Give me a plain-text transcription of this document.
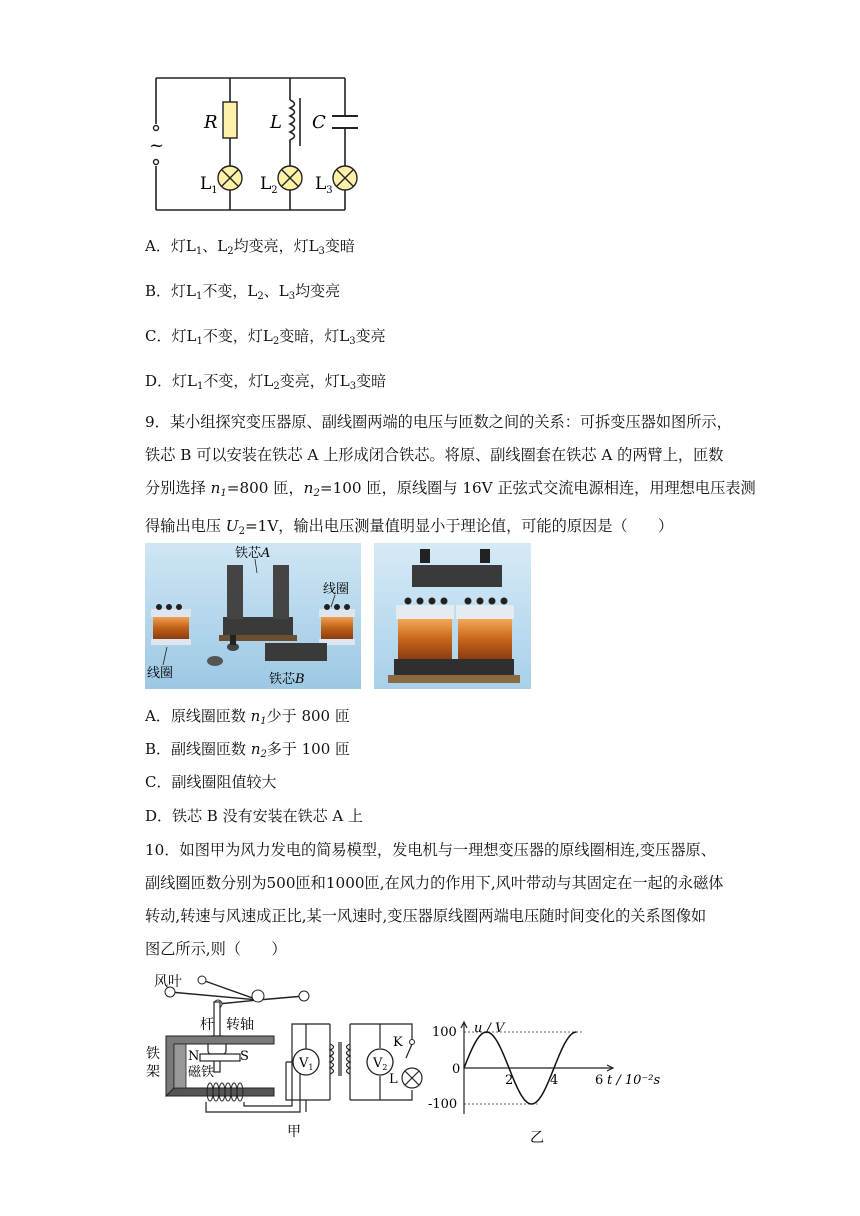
~
R	L C
$L_1$ $L_2$ $L_3$
A．灯$L_1$、$L_2$均变亮，灯$L_3$变暗
B．灯$L_1$不变，$L_2$、$L_3$均变亮
C．灯$L_1$不变，灯$L_2$变暗，灯$L_3$变亮
D．灯$L_1$不变，灯$L_2$变亮，灯$L_3$变暗
9．某小组探究变压器原、副线圈两端的电压与匝数之间的关系：可拆变压器如图所示，
铁芯 B 可以安装在铁芯 A 上形成闭合铁芯。将原、副线圈套在铁芯 A 的两臂上，匝数
分别选择 $n_1=800$ 匝，$n_2=100$ 匝，原线圈与 16V 正弦式交流电源相连，用理想电压表测
得输出电压 $U_2=1V$，输出电压测量值明显小于理论值，可能的原因是（　　）
铁芯A
线圈
线圈	铁芯B
A．原线圈匝数 $n_1$少于 800 匝
B．副线圈匝数 $n_2$多于 100 匝
C．副线圈阻值较大
D．铁芯 B 没有安装在铁芯 A 上
10．如图甲为风力发电的简易模型，发电机与一理想变压器的原线圈相连,变压器原、
副线圈匝数分别为500匝和1000匝,在风力的作用下,风叶带动与其固定在一起的永磁体
转动,转速与风速成正比,某一风速时,变压器原线圈两端电压随时间变化的关系图像如
图乙所示,则（　　）
风叶
杆 转轴
铁
架
N	S
磁铁
$V_1$	$V_2$
K
L
甲
100
0
-100
2	4	6
u / V
t / 10⁻²s
乙
